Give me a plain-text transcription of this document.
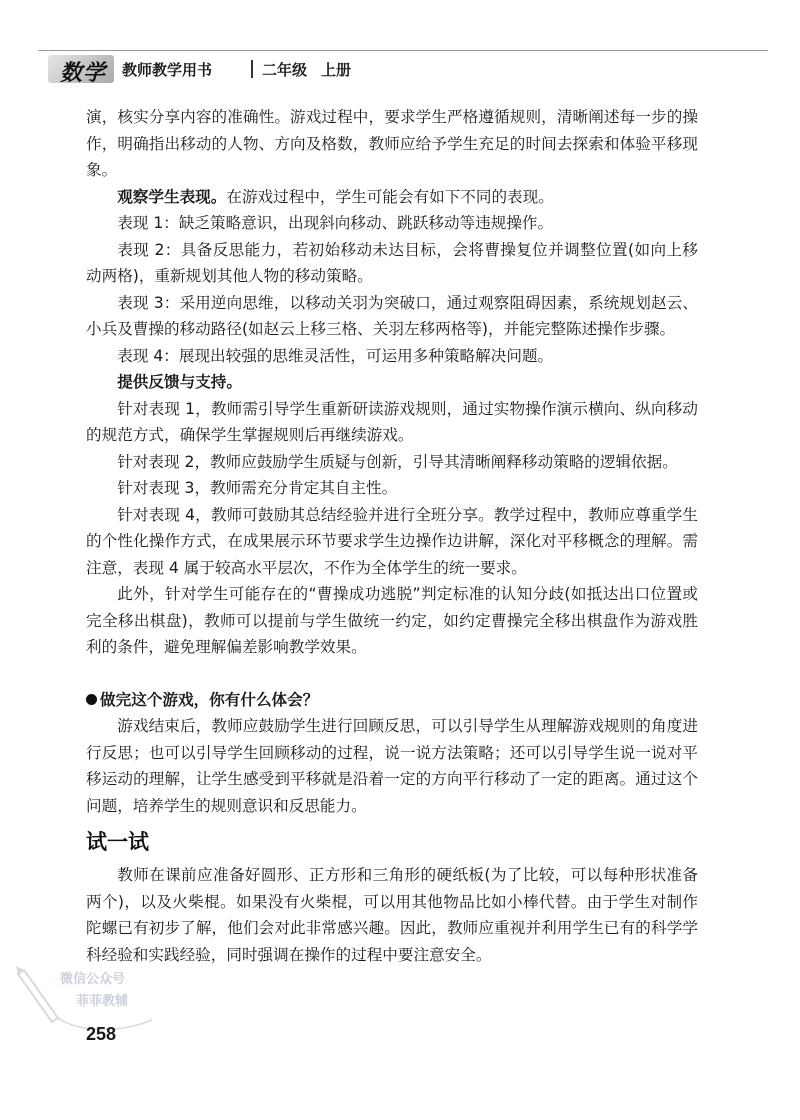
数学 教师教学用书	二年级 上册

演，核实分享内容的准确性。游戏过程中，要求学生严格遵循规则，清晰阐述每一步的操作，明确指出移动的人物、方向及格数，教师应给予学生充足的时间去探索和体验平移现象。

观察学生表现。在游戏过程中，学生可能会有如下不同的表现。

表现 1：缺乏策略意识，出现斜向移动、跳跃移动等违规操作。

表现 2：具备反思能力，若初始移动未达目标，会将曹操复位并调整位置(如向上移动两格)，重新规划其他人物的移动策略。

表现 3：采用逆向思维，以移动关羽为突破口，通过观察阻碍因素，系统规划赵云、小兵及曹操的移动路径(如赵云上移三格、关羽左移两格等)，并能完整陈述操作步骤。

表现 4：展现出较强的思维灵活性，可运用多种策略解决问题。

提供反馈与支持。

针对表现 1，教师需引导学生重新研读游戏规则，通过实物操作演示横向、纵向移动的规范方式，确保学生掌握规则后再继续游戏。

针对表现 2，教师应鼓励学生质疑与创新，引导其清晰阐释移动策略的逻辑依据。

针对表现 3，教师需充分肯定其自主性。

针对表现 4，教师可鼓励其总结经验并进行全班分享。教学过程中，教师应尊重学生的个性化操作方式，在成果展示环节要求学生边操作边讲解，深化对平移概念的理解。需注意，表现 4 属于较高水平层次，不作为全体学生的统一要求。

此外，针对学生可能存在的“曹操成功逃脱”判定标准的认知分歧(如抵达出口位置或完全移出棋盘)，教师可以提前与学生做统一约定，如约定曹操完全移出棋盘作为游戏胜利的条件，避免理解偏差影响教学效果。

做完这个游戏，你有什么体会？

游戏结束后，教师应鼓励学生进行回顾反思，可以引导学生从理解游戏规则的角度进行反思；也可以引导学生回顾移动的过程，说一说方法策略；还可以引导学生说一说对平移运动的理解，让学生感受到平移就是沿着一定的方向平行移动了一定的距离。通过这个问题，培养学生的规则意识和反思能力。

试一试

教师在课前应准备好圆形、正方形和三角形的硬纸板(为了比较，可以每种形状准备两个)，以及火柴棍。如果没有火柴棍，可以用其他物品比如小棒代替。由于学生对制作陀螺已有初步了解，他们会对此非常感兴趣。因此，教师应重视并利用学生已有的科学学科经验和实践经验，同时强调在操作的过程中要注意安全。

微信公众号
菲菲教辅
258
